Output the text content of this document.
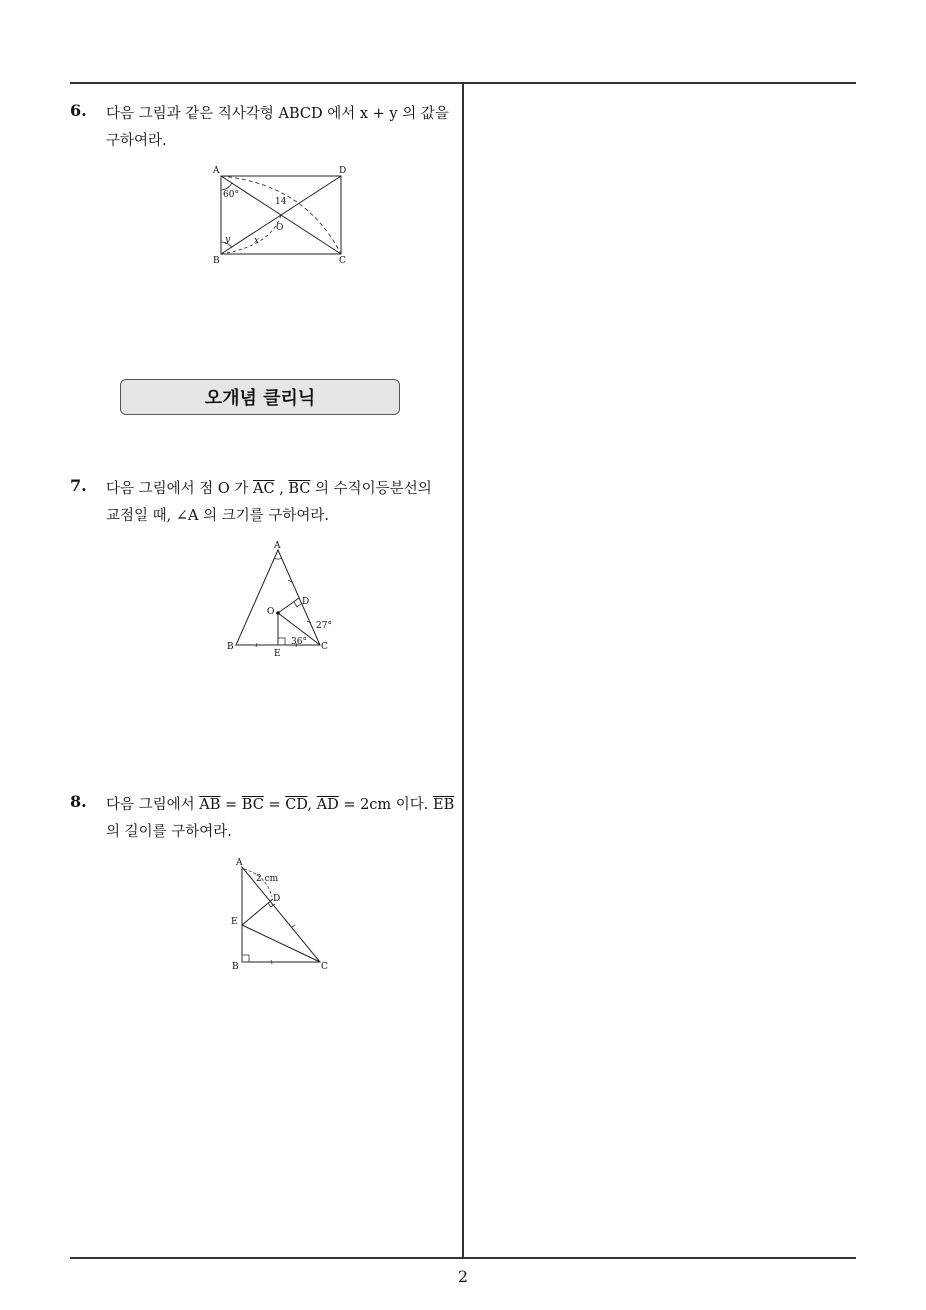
6. 다음 그림과 같은 직사각형 ABCD 에서 x + y 의 값을
구하여라.
A	D
B	C
O
60°
14
x
y
오개념 클리닉
7. 다음 그림에서 점 O 가 $\overline{AC}$ , $\overline{BC}$ 의 수직이등분선의
교점일 때, ∠A 의 크기를 구하여라.
A
B	C
D
E
O
27°
36°
8. 다음 그림에서 $\overline{AB} = \overline{BC} = \overline{CD}$, $\overline{AD} = 2cm$ 이다. $\overline{EB}$
의 길이를 구하여라.
A
B	C
D
E
2 cm
2
